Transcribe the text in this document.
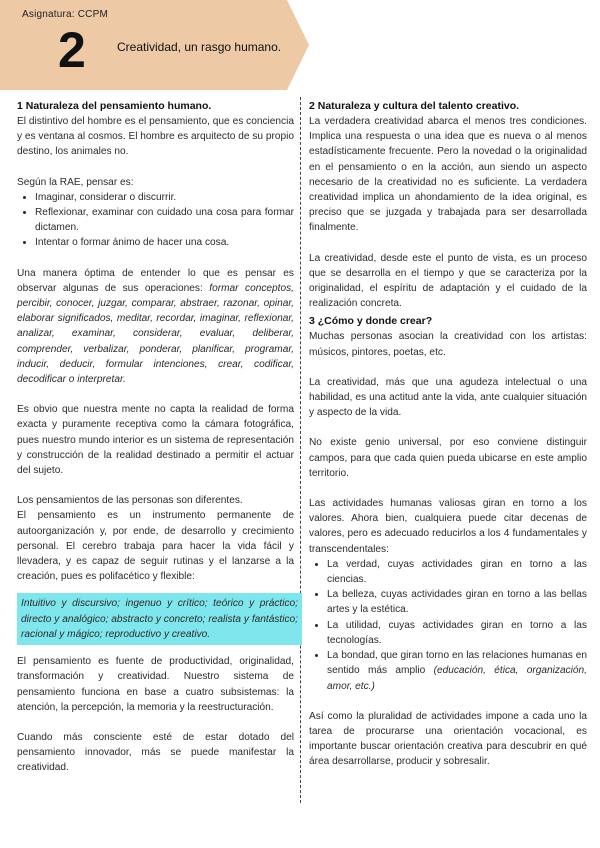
Asignatura: CCPM
2	Creatividad, un rasgo humano.
1 Naturaleza del pensamiento humano.

El distintivo del hombre es el pensamiento, que es conciencia y es ventana al cosmos. El hombre es arquitecto de su propio destino, los animales no.

Según la RAE, pensar es:

• Imaginar, considerar o discurrir.
• Reflexionar, examinar con cuidado una cosa para formar dictamen.
• Intentar o formar ánimo de hacer una cosa.

Una manera óptima de entender lo que es pensar es observar algunas de sus operaciones: formar conceptos, percibir, conocer, juzgar, comparar, abstraer, razonar, opinar, elaborar significados, meditar, recordar, imaginar, reflexionar, analizar, examinar, considerar, evaluar, deliberar, comprender, verbalizar, ponderar, planificar, programar, inducir, deducir, formular intenciones, crear, codificar, decodificar o interpretar.

Es obvio que nuestra mente no capta la realidad de forma exacta y puramente receptiva como la cámara fotográfica, pues nuestro mundo interior es un sistema de representación y construcción de la realidad destinado a permitir el actuar del sujeto.

Los pensamientos de las personas son diferentes.

El pensamiento es un instrumento permanente de autoorganización y, por ende, de desarrollo y crecimiento personal. El cerebro trabaja para hacer la vida fácil y llevadera, y es capaz de seguir rutinas y el lanzarse a la creación, pues es polifacético y flexible:

Intuitivo y discursivo; ingenuo y crítico; teórico y práctico; directo y analógico; abstracto y concreto; realista y fantástico; racional y mágico; reproductivo y creativo.

El pensamiento es fuente de productividad, originalidad, transformación y creatividad. Nuestro sistema de pensamiento funciona en base a cuatro subsistemas: la atención, la percepción, la memoria y la reestructuración.

Cuando más consciente esté de estar dotado del pensamiento innovador, más se puede manifestar la creatividad.

2 Naturaleza y cultura del talento creativo.

La verdadera creatividad abarca el menos tres condiciones. Implica una respuesta o una idea que es nueva o al menos estadísticamente frecuente. Pero la novedad o la originalidad en el pensamiento o en la acción, aun siendo un aspecto necesario de la creatividad no es suficiente. La verdadera creatividad implica un ahondamiento de la idea original, es preciso que se juzgada y trabajada para ser desarrollada finalmente.

La creatividad, desde este el punto de vista, es un proceso que se desarrolla en el tiempo y que se caracteriza por la originalidad, el espíritu de adaptación y el cuidado de la realización concreta.

3 ¿Cómo y donde crear?

Muchas personas asocian la creatividad con los artistas: músicos, pintores, poetas, etc.

La creatividad, más que una agudeza intelectual o una habilidad, es una actitud ante la vida, ante cualquier situación y aspecto de la vida.

No existe genio universal, por eso conviene distinguir campos, para que cada quien pueda ubicarse en este amplio territorio.

Las actividades humanas valiosas giran en torno a los valores. Ahora bien, cualquiera puede citar decenas de valores, pero es adecuado reducirlos a los 4 fundamentales y transcendentales:

• La verdad, cuyas actividades giran en torno a las ciencias.
• La belleza, cuyas actividades giran en torno a las bellas artes y la estética.
• La utilidad, cuyas actividades giran en torno a las tecnologías.
• La bondad, que giran torno en las relaciones humanas en sentido más amplio (educación, ética, organización, amor, etc.)

Así como la pluralidad de actividades impone a cada uno la tarea de procurarse una orientación vocacional, es importante buscar orientación creativa para descubrir en qué área desarrollarse, producir y sobresalir.
